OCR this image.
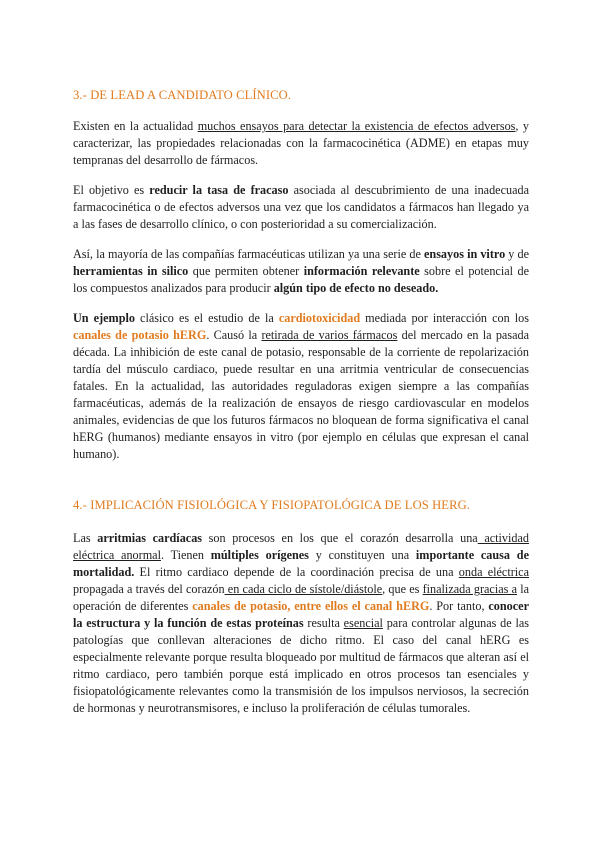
3.- DE LEAD A CANDIDATO CLÍNICO.

Existen en la actualidad muchos ensayos para detectar la existencia de efectos adversos, y caracterizar, las propiedades relacionadas con la farmacocinética (ADME) en etapas muy tempranas del desarrollo de fármacos.

El objetivo es reducir la tasa de fracaso asociada al descubrimiento de una inadecuada farmacocinética o de efectos adversos una vez que los candidatos a fármacos han llegado ya a las fases de desarrollo clínico, o con posterioridad a su comercialización.

Así, la mayoría de las compañías farmacéuticas utilizan ya una serie de ensayos in vitro y de herramientas in silico que permiten obtener información relevante sobre el potencial de los compuestos analizados para producir algún tipo de efecto no deseado.

Un ejemplo clásico es el estudio de la cardiotoxicidad mediada por interacción con los canales de potasio hERG. Causó la retirada de varios fármacos del mercado en la pasada década. La inhibición de este canal de potasio, responsable de la corriente de repolarización tardía del músculo cardiaco, puede resultar en una arritmia ventricular de consecuencias fatales. En la actualidad, las autoridades reguladoras exigen siempre a las compañías farmacéuticas, además de la realización de ensayos de riesgo cardiovascular en modelos animales, evidencias de que los futuros fármacos no bloquean de forma significativa el canal hERG (humanos) mediante ensayos in vitro (por ejemplo en células que expresan el canal humano).

4.- IMPLICACIÓN FISIOLÓGICA Y FISIOPATOLÓGICA DE LOS HERG.

Las arritmias cardíacas son procesos en los que el corazón desarrolla una actividad eléctrica anormal. Tienen múltiples orígenes y constituyen una importante causa de mortalidad. El ritmo cardiaco depende de la coordinación precisa de una onda eléctrica propagada a través del corazón en cada ciclo de sístole/diástole, que es finalizada gracias a la operación de diferentes canales de potasio, entre ellos el canal hERG. Por tanto, conocer la estructura y la función de estas proteínas resulta esencial para controlar algunas de las patologías que conllevan alteraciones de dicho ritmo. El caso del canal hERG es especialmente relevante porque resulta bloqueado por multitud de fármacos que alteran así el ritmo cardiaco, pero también porque está implicado en otros procesos tan esenciales y fisiopatológicamente relevantes como la transmisión de los impulsos nerviosos, la secreción de hormonas y neurotransmisores, e incluso la proliferación de células tumorales.
